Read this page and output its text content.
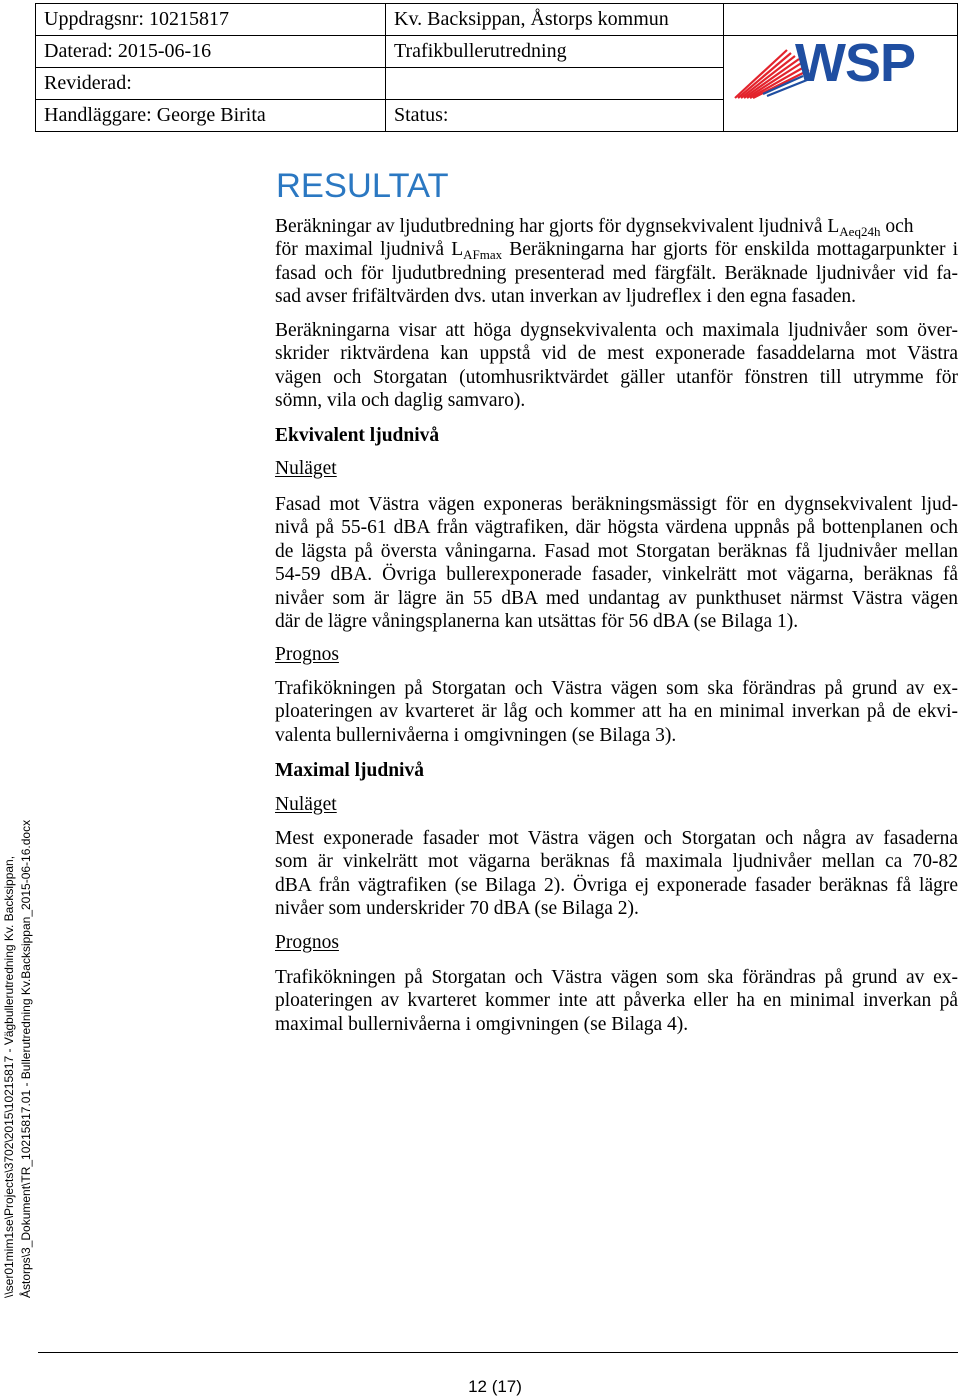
Uppdragsnr: 10215817	Kv. Backsippan, Åstorps kommun	
Daterad: 2015-06-16	Trafikbullerutredning	
Reviderad:		
Handläggare: George Birita	Status:	
WSP
\\ser01mim1se\Projects\3702\2015\10215817 - Vägbullerutredning Kv. Backsippan, Åstorps\3_Dokument\TR_10215817.01 - Bullerutredning Kv.Backsippan_2015-06-16.docx
RESULTAT
Beräkningar av ljudutbredning har gjorts för dygnsekvivalent ljudnivå $L_{Aeq24h}$ och
för maximal ljudnivå $L_{AFmax}$ Beräkningarna har gjorts för enskilda mottagarpunkter i
fasad och för ljudutbredning presenterad med färgfält. Beräknade ljudnivåer vid fa-
sad avser frifältvärden dvs. utan inverkan av ljudreflex i den egna fasaden.
Beräkningarna visar att höga dygnsekvivalenta och maximala ljudnivåer som över-
skrider riktvärdena kan uppstå vid de mest exponerade fasaddelarna mot Västra
vägen och Storgatan (utomhusriktvärdet gäller utanför fönstren till utrymme för
sömn, vila och daglig samvaro).
Ekvivalent ljudnivå
Nuläget
Fasad mot Västra vägen exponeras beräkningsmässigt för en dygnsekvivalent ljud-
nivå på 55-61 dBA från vägtrafiken, där högsta värdena uppnås på bottenplanen och
de lägsta på översta våningarna. Fasad mot Storgatan beräknas få ljudnivåer mellan
54-59 dBA. Övriga bullerexponerade fasader, vinkelrätt mot vägarna, beräknas få
nivåer som är lägre än 55 dBA med undantag av punkthuset närmst Västra vägen
där de lägre våningsplanerna kan utsättas för 56 dBA (se Bilaga 1).
Prognos
Trafikökningen på Storgatan och Västra vägen som ska förändras på grund av ex-
ploateringen av kvarteret är låg och kommer att ha en minimal inverkan på de ekvi-
valenta bullernivåerna i omgivningen (se Bilaga 3).
Maximal ljudnivå
Nuläget
Mest exponerade fasader mot Västra vägen och Storgatan och några av fasaderna
som är vinkelrätt mot vägarna beräknas få maximala ljudnivåer mellan ca 70-82
dBA från vägtrafiken (se Bilaga 2). Övriga ej exponerade fasader beräknas få lägre
nivåer som underskrider 70 dBA (se Bilaga 2).
Prognos
Trafikökningen på Storgatan och Västra vägen som ska förändras på grund av ex-
ploateringen av kvarteret kommer inte att påverka eller ha en minimal inverkan på
maximal bullernivåerna i omgivningen (se Bilaga 4).
12 (17)
